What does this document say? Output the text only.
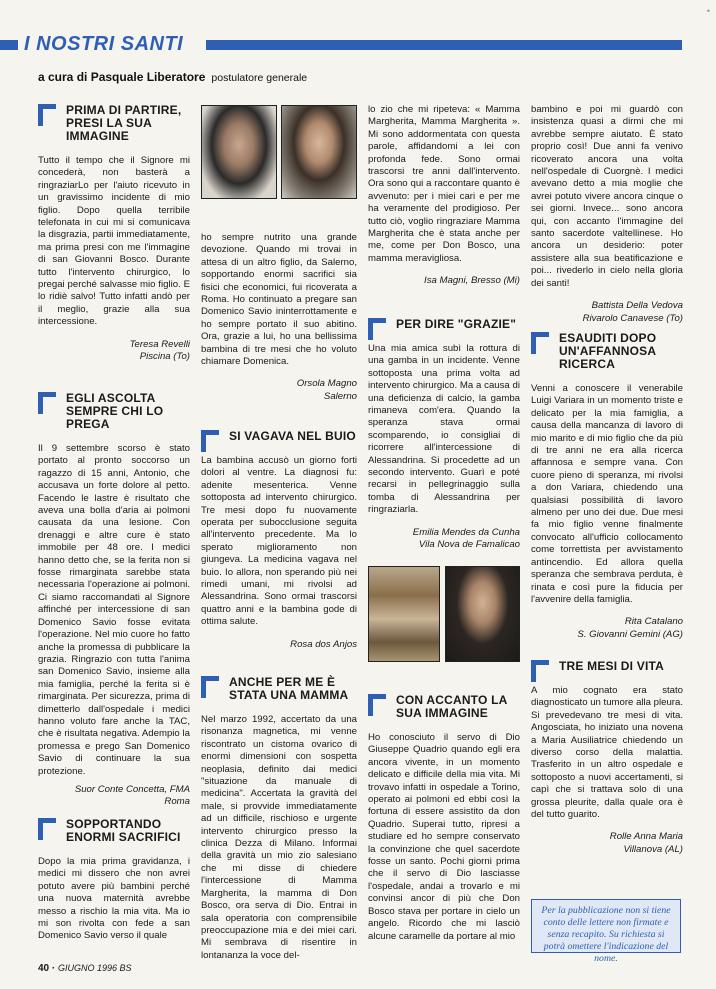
•
I NOSTRI SANTI
a cura di Pasquale Liberatore postulatore generale
PRIMA DI PARTIRE, PRESI LA SUA IMMAGINE
Tutto il tempo che il Signore mi concederà, non basterà a ringraziarLo per l'aiuto ricevuto in un gravissimo incidente di mio figlio. Dopo quella terribile telefonata in cui mi si comunicava la disgrazia, partii immediatamente, ma prima presi con me l'immagine di san Giovanni Bosco. Durante tutto l'intervento chirurgico, lo pregai perché salvasse mio figlio. E lo ridiè salvo! Tutto infatti andò per il meglio, grazie alla sua intercessione.
Teresa Revelli
Piscina (To)
EGLI ASCOLTA SEMPRE CHI LO PREGA
Il 9 settembre scorso è stato portato al pronto soccorso un ragazzo di 15 anni, Antonio, che accusava un forte dolore al petto. Facendo le lastre è risultato che aveva una bolla d'aria ai polmoni causata da una lesione. Con drenaggi e altre cure è stato immobile per 48 ore. I medici hanno detto che, se la ferita non si fosse rimarginata sarebbe stata necessaria l'operazione ai polmoni. Ci siamo raccomandati al Signore affinché per intercessione di san Domenico Savio fosse evitata l'operazione. Nel mio cuore ho fatto anche la promessa di pubblicare la grazia. Ringrazio con tutta l'anima san Domenico Savio, insieme alla mia famiglia, perché la ferita si è rimarginata. Per sicurezza, prima di dimetterlo dall'ospedale i medici hanno voluto fare anche la TAC, che è risultata negativa. Adempio la promessa e prego San Domenico Savio di continuare la sua protezione.
Suor Conte Concetta, FMA
Roma
SOPPORTANDO ENORMI SACRIFICI
Dopo la mia prima gravidanza, i medici mi dissero che non avrei potuto avere più bambini perché una nuova maternità avrebbe messo a rischio la mia vita. Ma io mi son rivolta con fede a san Domenico Savio verso il quale
ho sempre nutrito una grande devozione. Quando mi trovai in attesa di un altro figlio, da Salerno, sopportando enormi sacrifici sia fisici che economici, fui ricoverata a Roma. Ho continuato a pregare san Domenico Savio ininterrottamente e ho sempre portato il suo abitino. Ora, grazie a lui, ho una bellissima bambina di tre mesi che ho voluto chiamare Domenica.
Orsola Magno
Salerno
SI VAGAVA NEL BUIO
La bambina accusò un giorno forti dolori al ventre. La diagnosi fu: adenite mesenterica. Venne sottoposta ad intervento chirurgico. Tre mesi dopo fu nuovamente operata per subocclusione seguita all'intervento precedente. Ma lo sperato miglioramento non giungeva. La medicina vagava nel buio. Io allora, non sperando più nei rimedi umani, mi rivolsi ad Alessandrina. Sono ormai trascorsi quattro anni e la bambina gode di ottima salute.
Rosa dos Anjos
ANCHE PER ME È STATA UNA MAMMA
Nel marzo 1992, accertato da una risonanza magnetica, mi venne riscontrato un cistoma ovarico di enormi dimensioni con sospetta neoplasia, definito dai medici "situazione da manuale di medicina". Accertata la gravità del male, si provvide immediatamente ad un difficile, rischioso e urgente intervento chirurgico presso la clinica Dezza di Milano. Informai della gravità un mio zio salesiano che mi disse di chiedere l'intercessione di Mamma Margherita, la mamma di Don Bosco, ora serva di Dio. Entrai in sala operatoria con comprensibile preoccupazione mia e dei miei cari. Mi sembrava di risentire in lontananza la voce del-
lo zio che mi ripeteva: « Mamma Margherita, Mamma Margherita ». Mi sono addormentata con questa parole, affidandomi a lei con profonda fede. Sono ormai trascorsi tre anni dall'intervento. Ora sono qui a raccontare quanto è avvenuto: per i miei cari e per me ha veramente del prodigioso. Per tutto ciò, voglio ringraziare Mamma Margherita che è stata anche per me, come per Don Bosco, una mamma meravigliosa.
Isa Magni, Bresso (Mi)
PER DIRE "GRAZIE"
Una mia amica subì la rottura di una gamba in un incidente. Venne sottoposta una prima volta ad intervento chirurgico. Ma a causa di una deficienza di calcio, la gamba rimaneva com'era. Quando la speranza stava ormai scomparendo, io consigliai di ricorrere all'intercessione di Alessandrina. Si procedette ad un secondo intervento. Guarì e poté recarsi in pellegrinaggio sulla tomba di Alessandrina per ringraziarla.
Emilia Mendes da Cunha
Vila Nova de Famalicao
CON ACCANTO LA SUA IMMAGINE
Ho conosciuto il servo di Dio Giuseppe Quadrio quando egli era ancora vivente, in un momento delicato e difficile della mia vita. Mi trovavo infatti in ospedale a Torino, operato ai polmoni ed ebbi così la fortuna di essere assistito da don Quadrio. Superai tutto, ripresi a studiare ed ho sempre conservato la convinzione che quel sacerdote fosse un santo. Pochi giorni prima che il servo di Dio lasciasse l'ospedale, andai a trovarlo e mi convinsi ancor di più che Don Bosco stava per portare in cielo un angelo. Ricordo che mi lasciò alcune caramelle da portare al mio
bambino e poi mi guardò con insistenza quasi a dirmi che mi avrebbe sempre aiutato. È stato proprio così! Due anni fa venivo ricoverato ancora una volta nell'ospedale di Cuorgnè. I medici avevano detto a mia moglie che avrei potuto vivere ancora cinque o sei giorni. Invece... sono ancora qui, con accanto l'immagine del santo sacerdote valtellinese. Ho ancora un desiderio: poter assistere alla sua beatificazione e poi... rivederlo in cielo nella gloria dei santi!
Battista Della Vedova
Rivarolo Canavese (To)
ESAUDITI DOPO UN'AFFANNOSA RICERCA
Venni a conoscere il venerabile Luigi Variara in un momento triste e delicato per la mia famiglia, a causa della mancanza di lavoro di mio marito e di mio figlio che da più di tre anni ne era alla ricerca affannosa e sempre vana. Con cuore pieno di speranza, mi rivolsi a don Variara, chiedendo una qualsiasi possibilità di lavoro almeno per uno dei due. Due mesi fa mio figlio venne finalmente convocato all'ufficio collocamento come torrettista per avvistamento antincendio. Ed allora quella speranza che sembrava perduta, è rinata e così pure la fiducia per l'avvenire della famiglia.
Rita Catalano
S. Giovanni Gemini (AG)
TRE MESI DI VITA
A mio cognato era stato diagnosticato un tumore alla pleura. Si prevedevano tre mesi di vita. Angosciata, ho iniziato una novena a Maria Ausiliatrice chiedendo un diverso corso della malattia. Trasferito in un altro ospedale e sottoposto a nuovi accertamenti, si capì che si trattava solo di una grossa pleurite, dalla quale ora è del tutto guarito.
Rolle Anna Maria
Villanova (AL)
Per la pubblicazione non si tiene conto delle lettere non firmate e senza recapito. Su richiesta si potrà omettere l'indicazione del nome.
40 · GIUGNO 1996 BS
